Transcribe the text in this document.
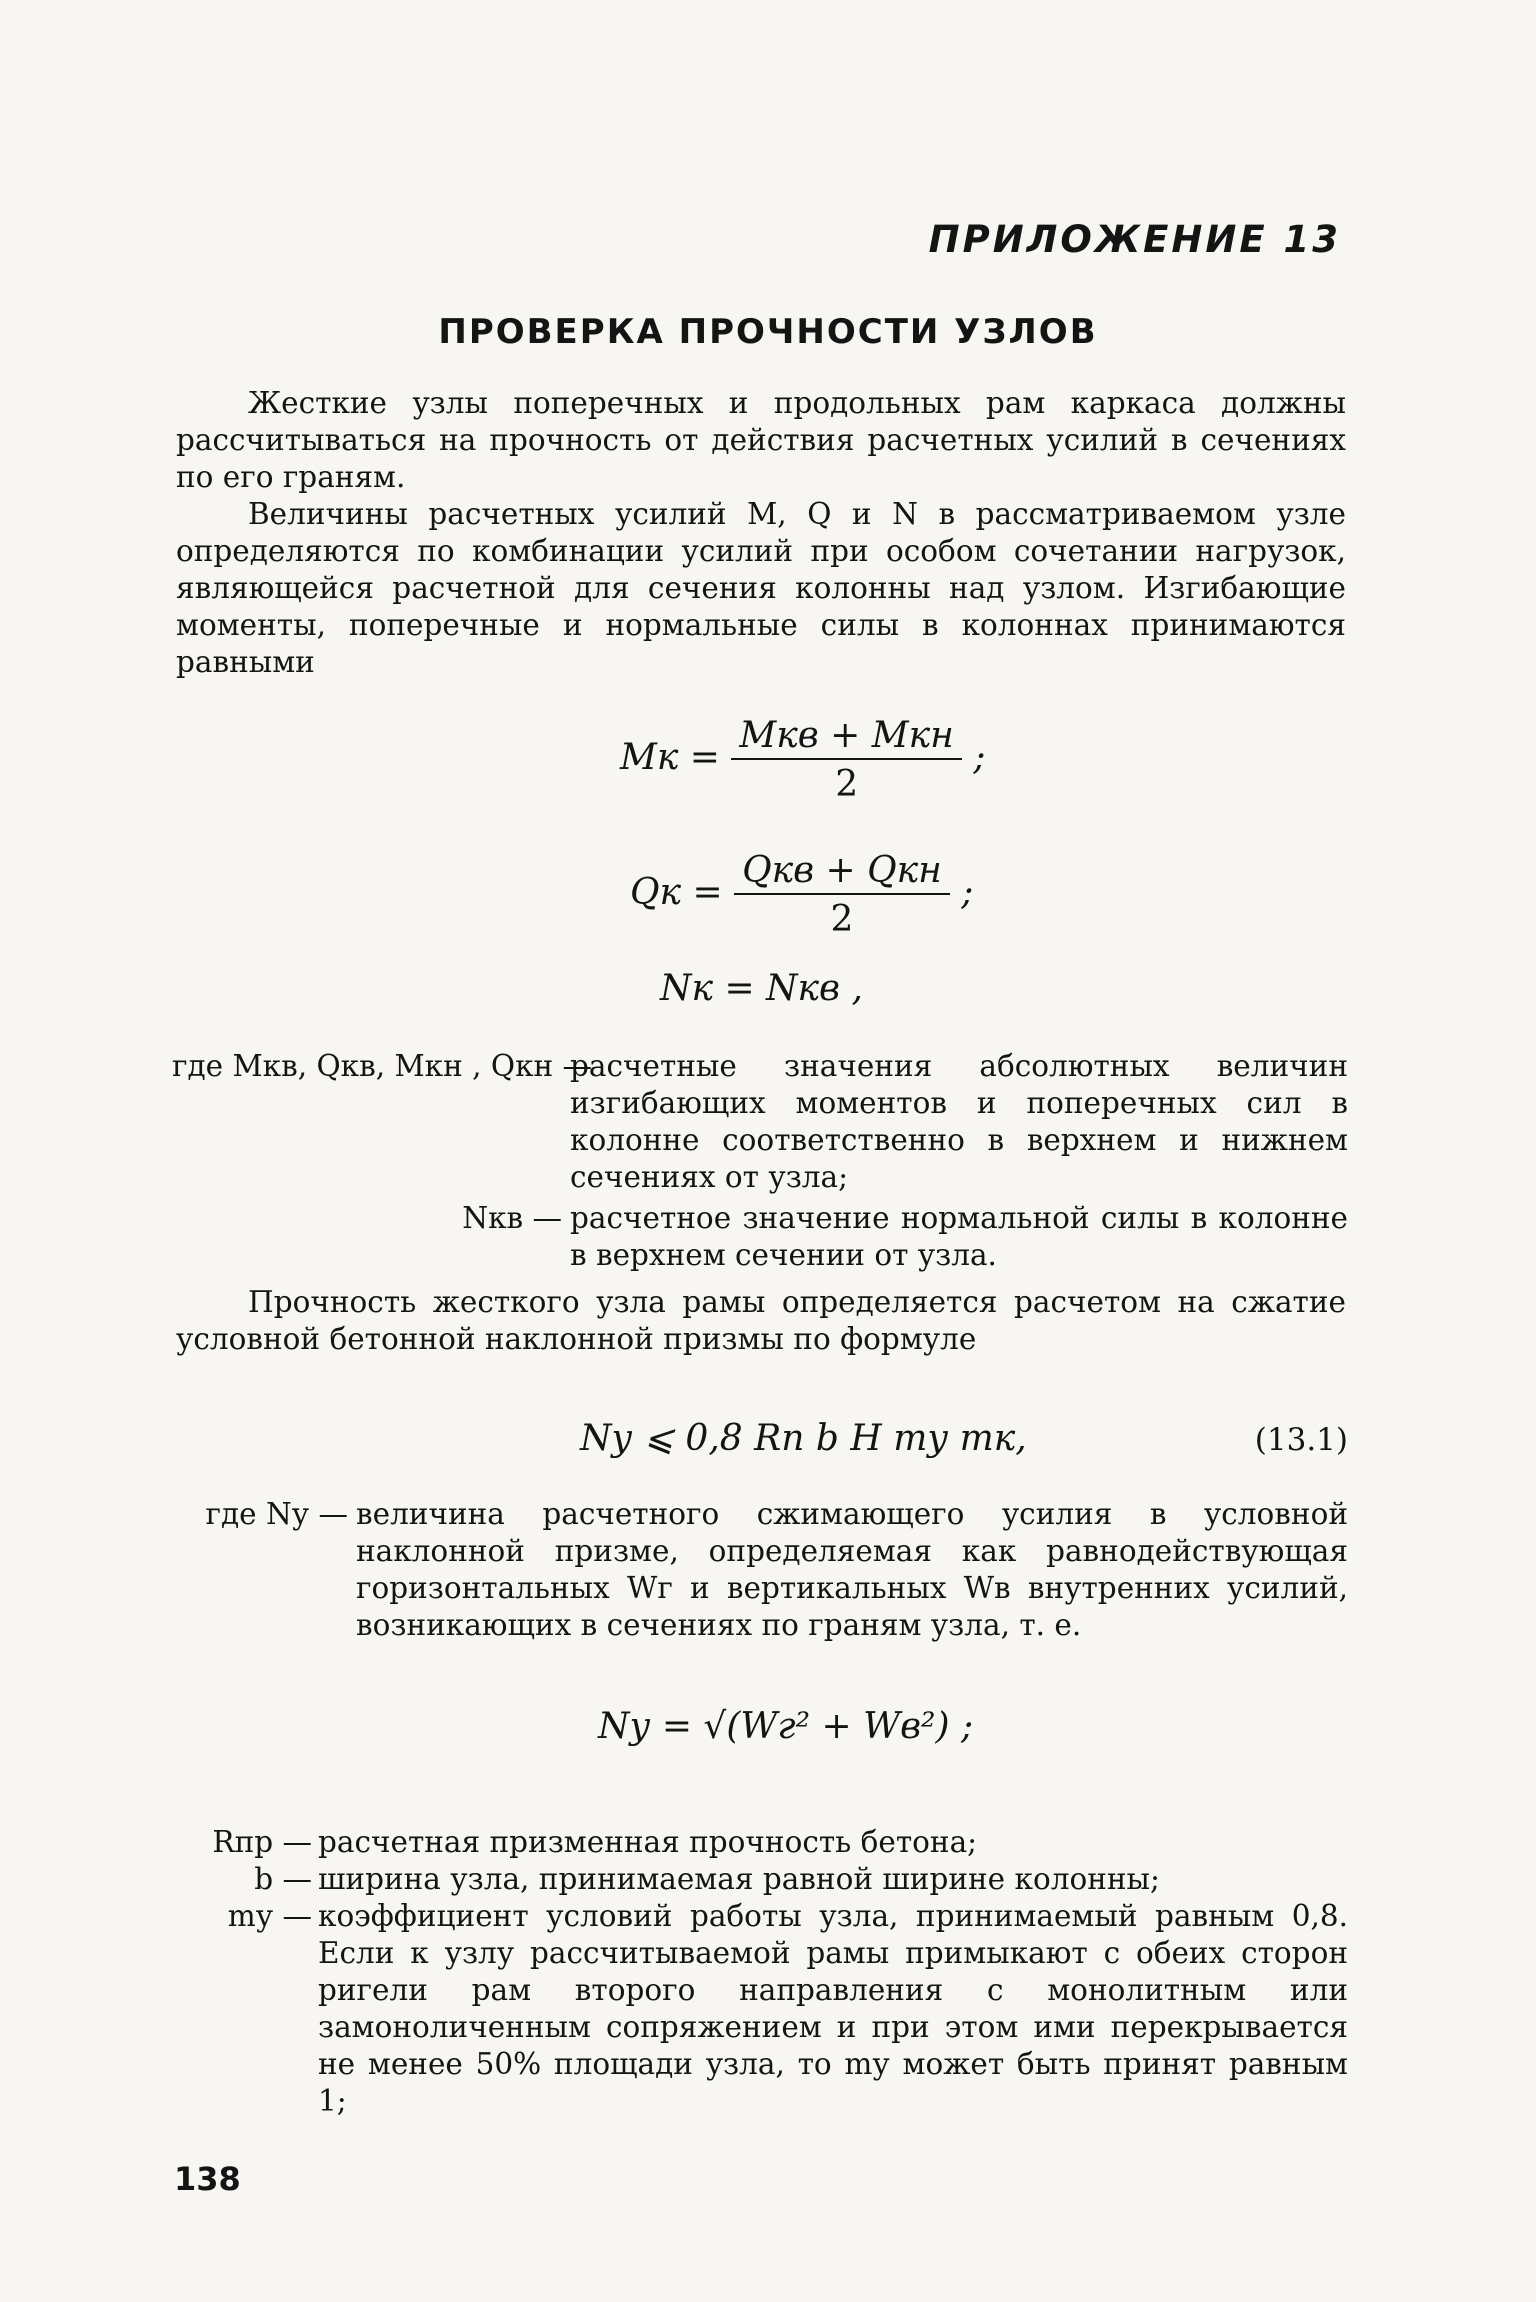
ПРИЛОЖЕНИЕ 13
ПРОВЕРКА ПРОЧНОСТИ УЗЛОВ

Жесткие узлы поперечных и продольных рам каркаса должны рассчитываться на прочность от действия расчетных усилий в сечениях по его граням.

Величины расчетных усилий M, Q и N в рассматриваемом узле определяются по комбинации усилий при особом сочетании нагрузок, являющейся расчетной для сечения колонны над узлом. Изгибающие моменты, поперечные и нормальные силы в колоннах принимаются равными

Mк = $\frac{\text{Mкв + Mкн}}{2}$ ;
Qк = $\frac{\text{Qкв + Qкн}}{2}$ ;
Nк = Nкв ,
где Mкв, Qкв, Mкн , Qкн —
расчетные значения абсолютных величин изгибающих моментов и поперечных сил в колонне соответственно в верхнем и нижнем сечениях от узла;
Nкв — расчетное значение нормальной силы в колонне в верхнем сечении от узла.

Прочность жесткого узла рамы определяется расчетом на сжатие условной бетонной наклонной призмы по формуле

Nу ⩽ 0,8 Rп b H mу mк,	(13.1)
где Nу — величина расчетного сжимающего усилия в условной наклонной призме, определяемая как равнодействующая горизонтальных Wг и вертикальных Wв внутренних усилий, возникающих в сечениях по граням узла, т. е.
Nу = √(Wг² + Wв²) ;
Rпр — расчетная призменная прочность бетона;
b — ширина узла, принимаемая равной ширине колонны;
mу — коэффициент условий работы узла, принимаемый равным 0,8. Если к узлу рассчитываемой рамы примыкают с обеих сторон ригели рам второго направления с монолитным или замоноличенным сопряжением и при этом ими перекрывается не менее 50% площади узла, то mу может быть принят равным 1;
138
